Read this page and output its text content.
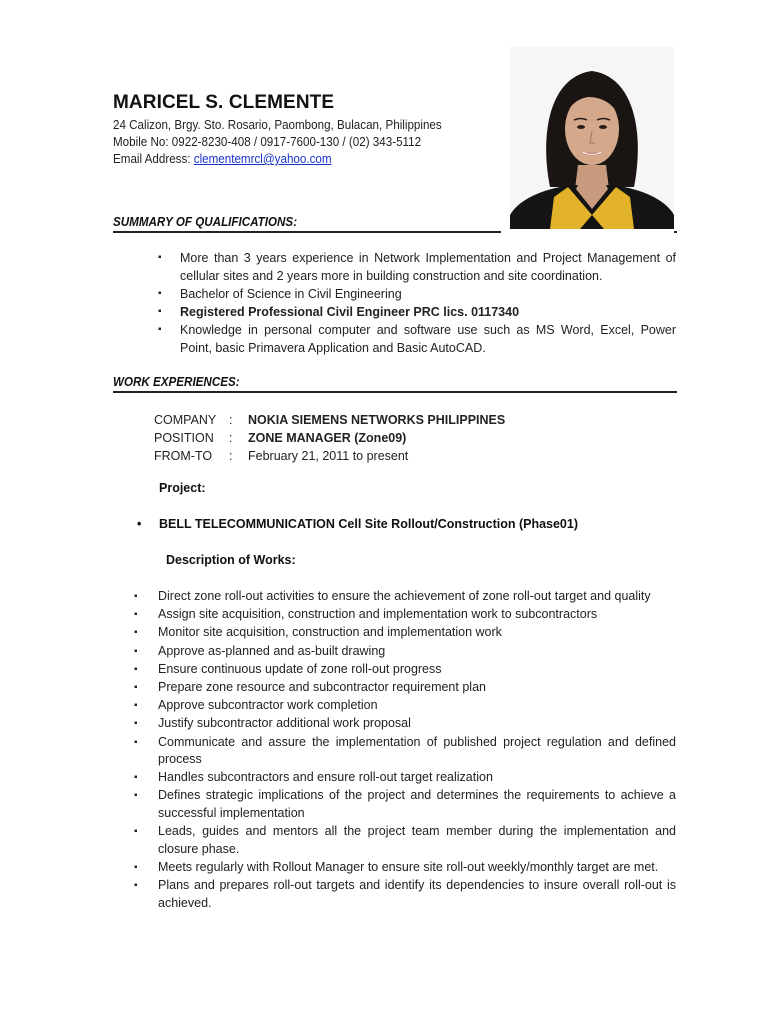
MARICEL S. CLEMENTE
24 Calizon, Brgy. Sto. Rosario, Paombong, Bulacan, Philippines
Mobile No: 0922-8230-408 / 0917-7600-130 / (02) 343-5112
Email Address: clementemrcl@yahoo.com
SUMMARY OF QUALIFICATIONS:
▪ More than 3 years experience in Network Implementation and Project Management of cellular sites and 2 years more in building construction and site coordination.
▪ Bachelor of Science in Civil Engineering
▪ Registered Professional Civil Engineer PRC lics. 0117340
▪ Knowledge in personal computer and software use such as MS Word, Excel, Power Point, basic Primavera Application and Basic AutoCAD.
WORK EXPERIENCES:
COMPANY : NOKIA SIEMENS NETWORKS PHILIPPINES
POSITION : ZONE MANAGER (Zone09)
FROM-TO : February 21, 2011 to present
Project:
• BELL TELECOMMUNICATION Cell Site Rollout/Construction (Phase01)
Description of Works:
▪ Direct zone roll-out activities to ensure the achievement of zone roll-out target and quality
▪ Assign site acquisition, construction and implementation work to subcontractors
▪ Monitor site acquisition, construction and implementation work
▪ Approve as-planned and as-built drawing
▪ Ensure continuous update of zone roll-out progress
▪ Prepare zone resource and subcontractor requirement plan
▪ Approve subcontractor work completion
▪ Justify subcontractor additional work proposal
▪ Communicate and assure the implementation of published project regulation and defined process
▪ Handles subcontractors and ensure roll-out target realization
▪ Defines strategic implications of the project and determines the requirements to achieve a successful implementation
▪ Leads, guides and mentors all the project team member during the implementation and closure phase.
▪ Meets regularly with Rollout Manager to ensure site roll-out weekly/monthly target are met.
▪ Plans and prepares roll-out targets and identify its dependencies to insure overall roll-out is achieved.
